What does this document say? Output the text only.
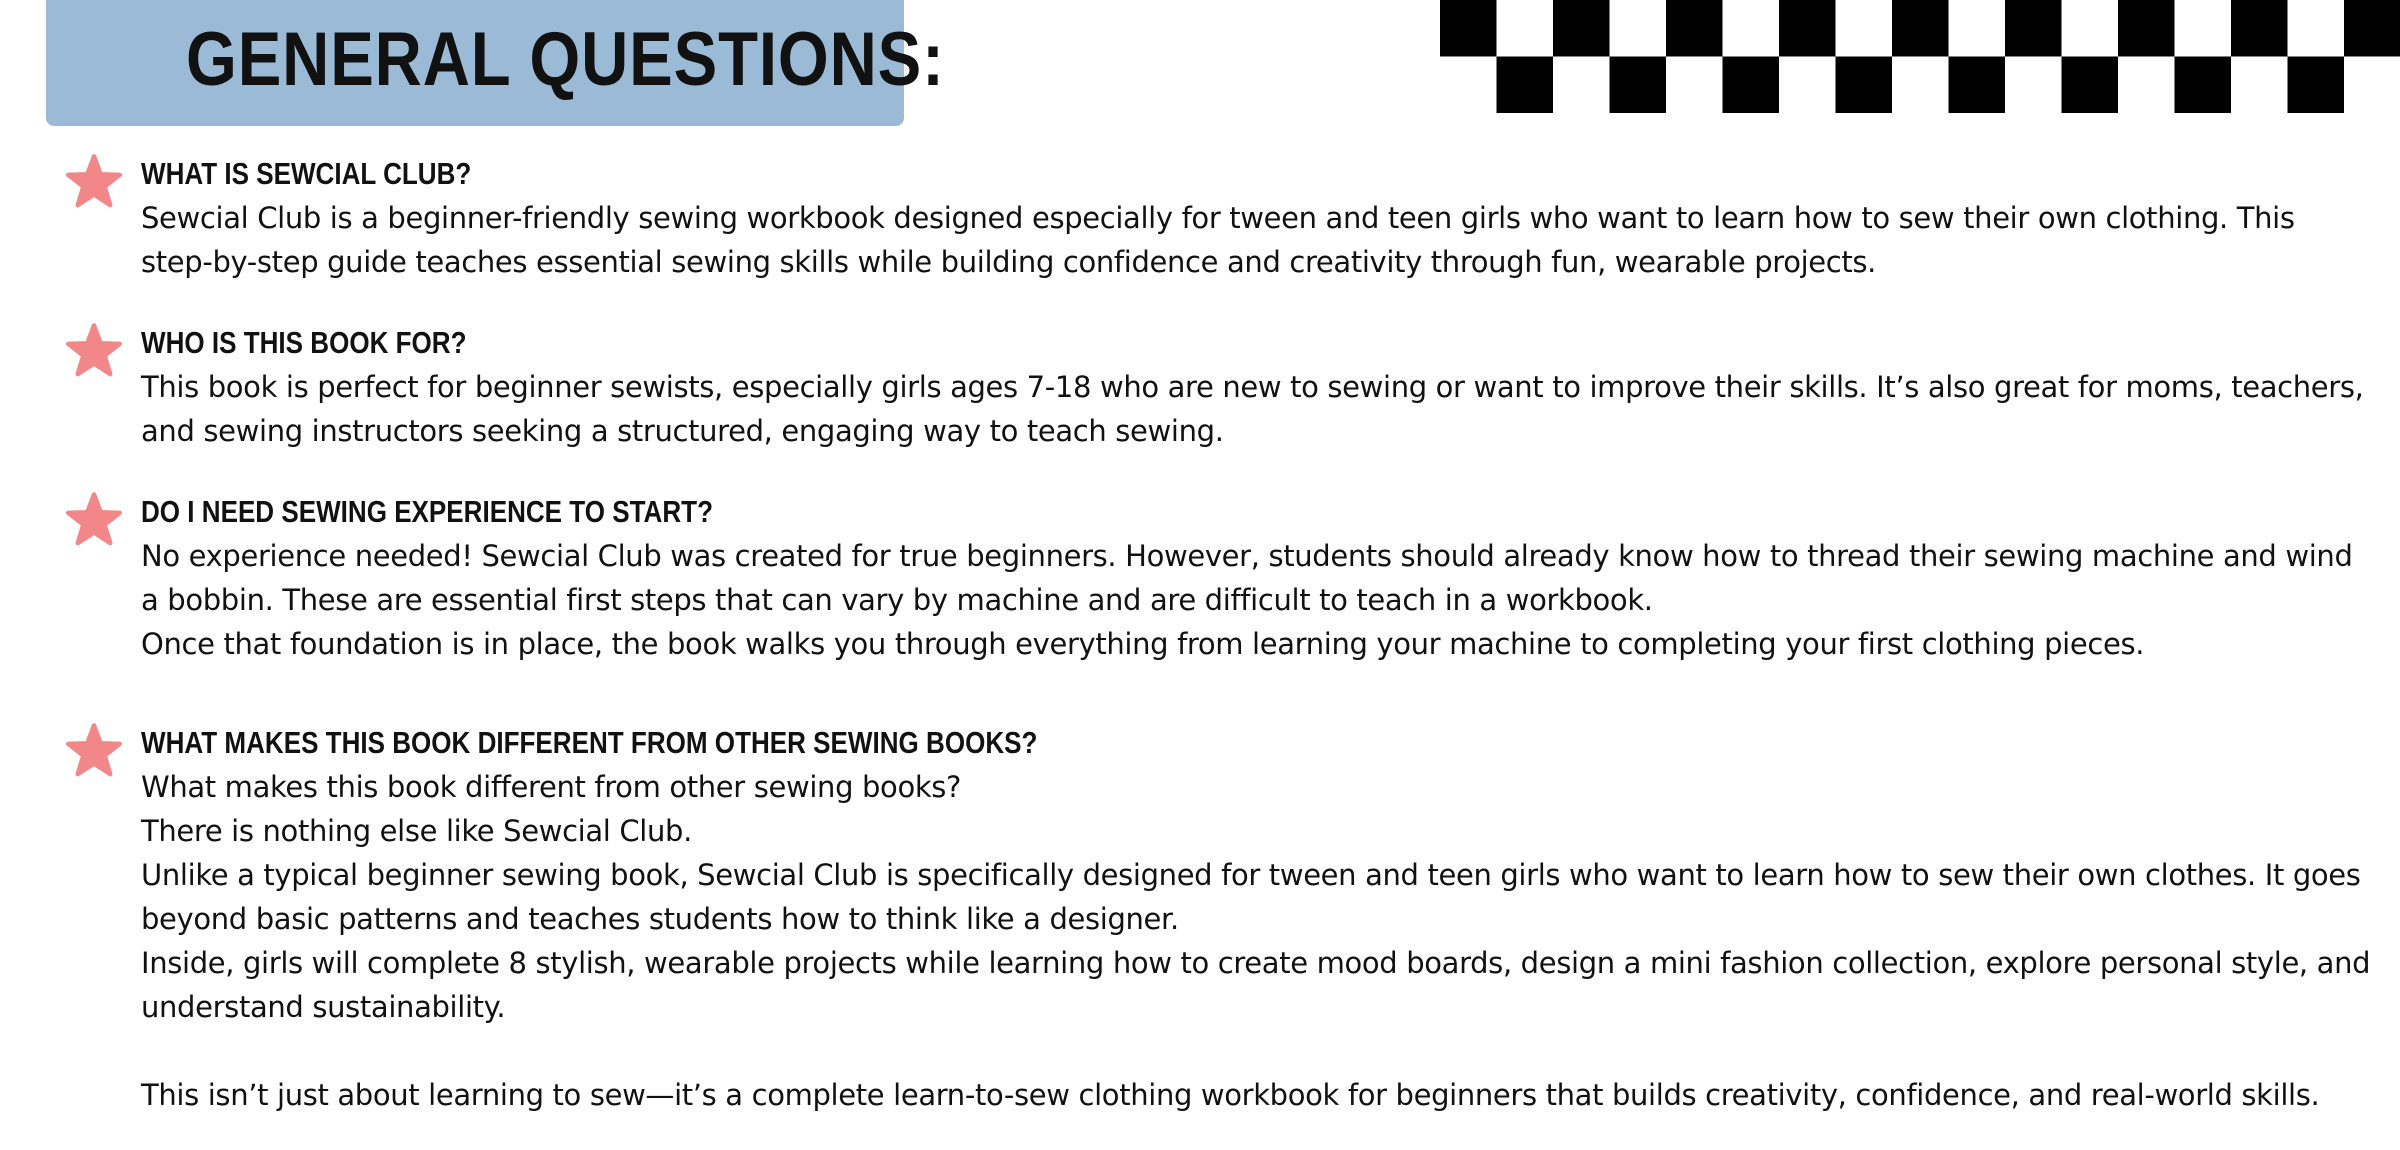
GENERAL QUESTIONS:
WHAT IS SEWCIAL CLUB?

Sewcial Club is a beginner-friendly sewing workbook designed especially for tween and teen girls who want to learn how to sew their own clothing. This step-by-step guide teaches essential sewing skills while building confidence and creativity through fun, wearable projects.

WHO IS THIS BOOK FOR?

This book is perfect for beginner sewists, especially girls ages 7-18 who are new to sewing or want to improve their skills. It’s also great for moms, teachers, and sewing instructors seeking a structured, engaging way to teach sewing.

DO I NEED SEWING EXPERIENCE TO START?

No experience needed! Sewcial Club was created for true beginners. However, students should already know how to thread their sewing machine and wind a bobbin. These are essential first steps that can vary by machine and are difficult to teach in a workbook.

Once that foundation is in place, the book walks you through everything from learning your machine to completing your first clothing pieces.

WHAT MAKES THIS BOOK DIFFERENT FROM OTHER SEWING BOOKS?

What makes this book different from other sewing books?

There is nothing else like Sewcial Club.

Unlike a typical beginner sewing book, Sewcial Club is specifically designed for tween and teen girls who want to learn how to sew their own clothes. It goes beyond basic patterns and teaches students how to think like a designer.

Inside, girls will complete 8 stylish, wearable projects while learning how to create mood boards, design a mini fashion collection, explore personal style, and understand sustainability.

This isn’t just about learning to sew—it’s a complete learn-to-sew clothing workbook for beginners that builds creativity, confidence, and real-world skills.
